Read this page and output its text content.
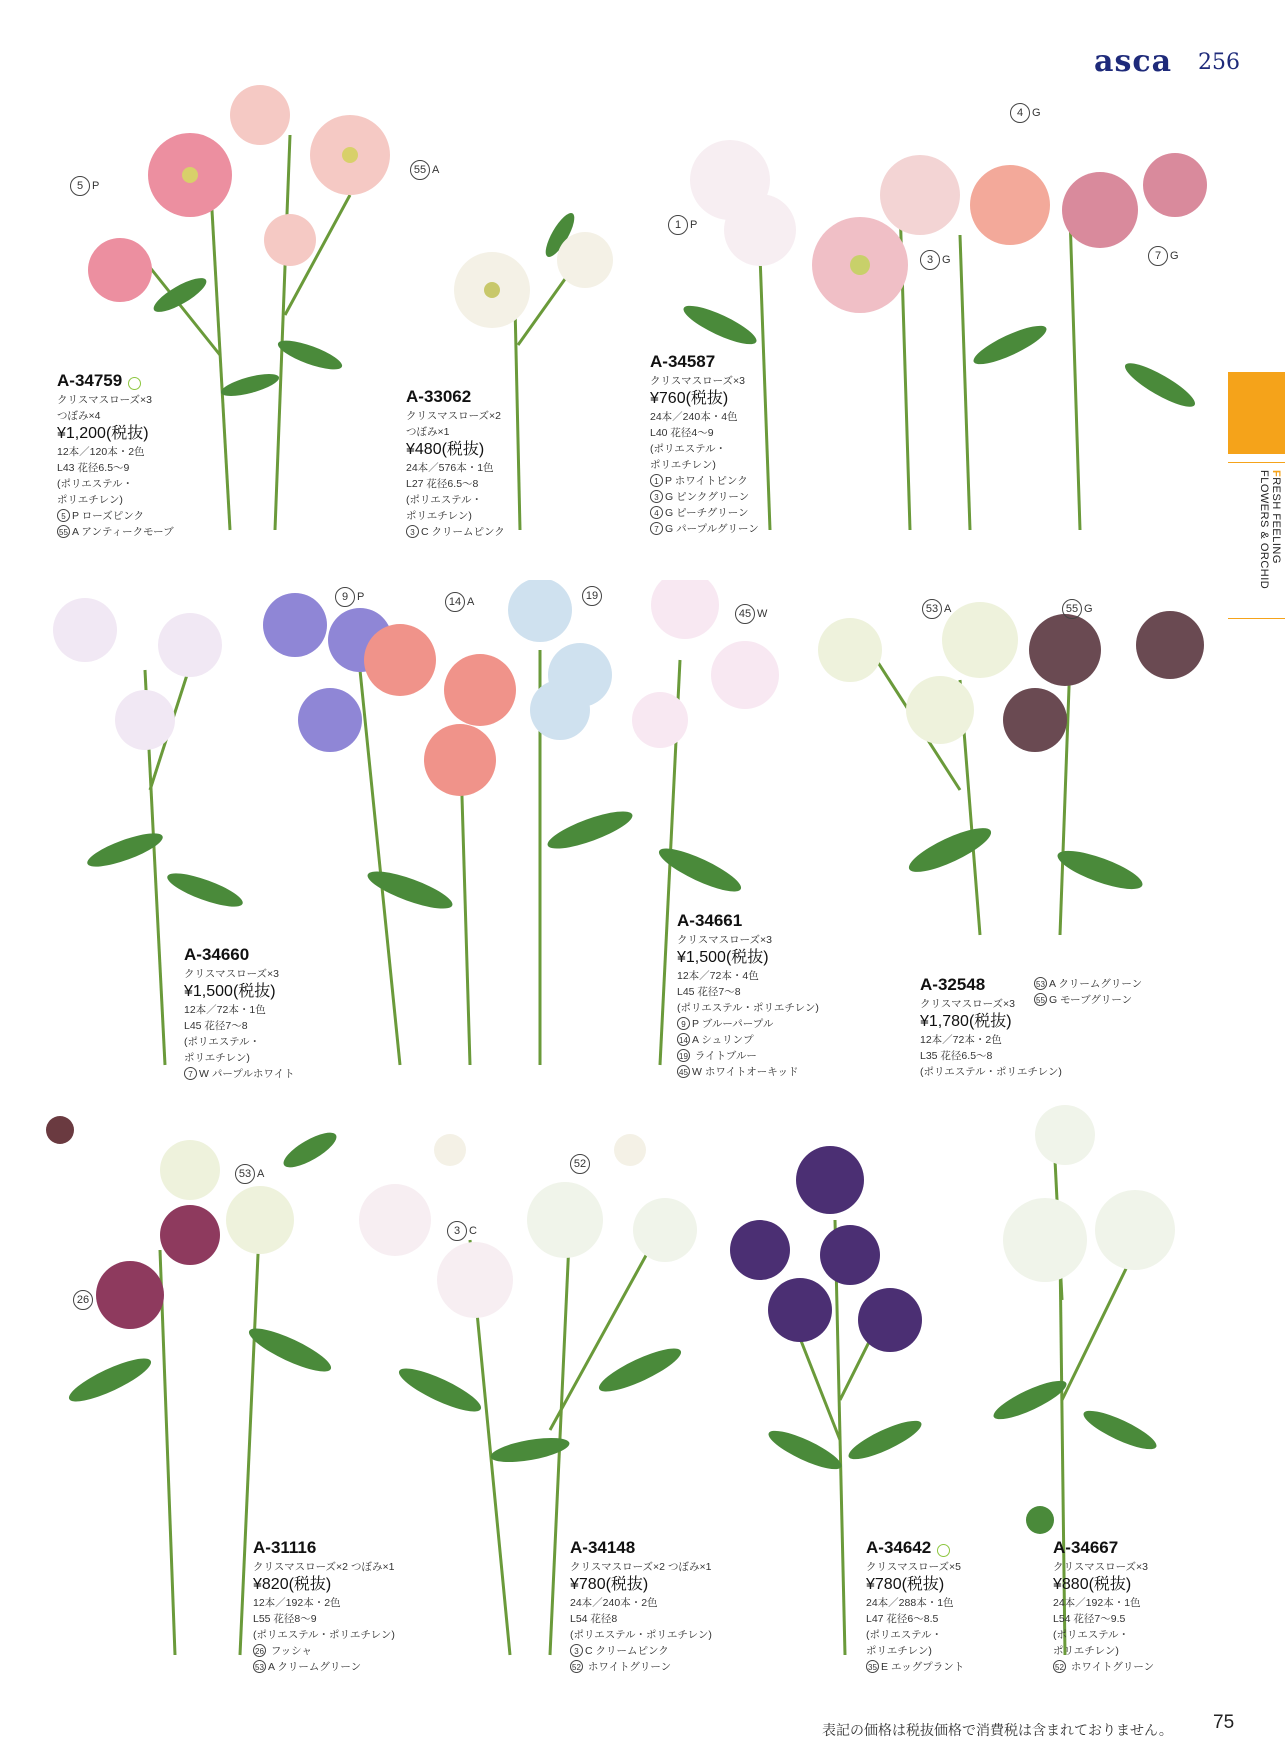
asca 256
FRESH FEELING
FLOWERS & ORCHID
5 P
55 A
1 P
4 G
3 G	7 G
9 P	14 A	19
45 W	53 A	55 G
53 A
26
52
3 C
A-34759
クリスマスローズ×3
つぼみ×4
¥1,200(税抜)
12本／120本・2色
L43 花径6.5〜9
(ポリエステル・
ポリエチレン)
5 P ローズピンク
55 A アンティークモーブ
A-33062
クリスマスローズ×2
つぼみ×1
¥480(税抜)
24本／576本・1色
L27 花径6.5〜8
(ポリエステル・
ポリエチレン)
3 C クリームピンク
A-34587
クリスマスローズ×3
¥760(税抜)
24本／240本・4色
L40 花径4〜9
(ポリエステル・
ポリエチレン)
1 P ホワイトピンク
3 G ピンクグリーン
4 G ピーチグリーン
7 G パープルグリーン
A-34660
クリスマスローズ×3
¥1,500(税抜)
12本／72本・1色
L45 花径7〜8
(ポリエステル・
ポリエチレン)
7 W パープルホワイト
A-34661
クリスマスローズ×3
¥1,500(税抜)
12本／72本・4色
L45 花径7〜8
(ポリエステル・ポリエチレン)
9 P ブルーパープル
14 A シュリンプ
19 ライトブルー
45 W ホワイトオーキッド
A-32548
クリスマスローズ×3
¥1,780(税抜)
12本／72本・2色
L35 花径6.5〜8
(ポリエステル・ポリエチレン)
53 A クリームグリーン
55 G モーブグリーン
A-31116
クリスマスローズ×2 つぼみ×1
¥820(税抜)
12本／192本・2色
L55 花径8〜9
(ポリエステル・ポリエチレン)
26 フッシャ
53 A クリームグリーン
A-34148
クリスマスローズ×2 つぼみ×1
¥780(税抜)
24本／240本・2色
L54 花径8
(ポリエステル・ポリエチレン)
3 C クリームピンク
52 ホワイトグリーン
A-34642
クリスマスローズ×5
¥780(税抜)
24本／288本・1色
L47 花径6〜8.5
(ポリエステル・
ポリエチレン)
35 E エッグプラント
A-34667
クリスマスローズ×3
¥880(税抜)
24本／192本・1色
L54 花径7〜9.5
(ポリエステル・
ポリエチレン)
52 ホワイトグリーン
表記の価格は税抜価格で消費税は含まれておりません。 75
